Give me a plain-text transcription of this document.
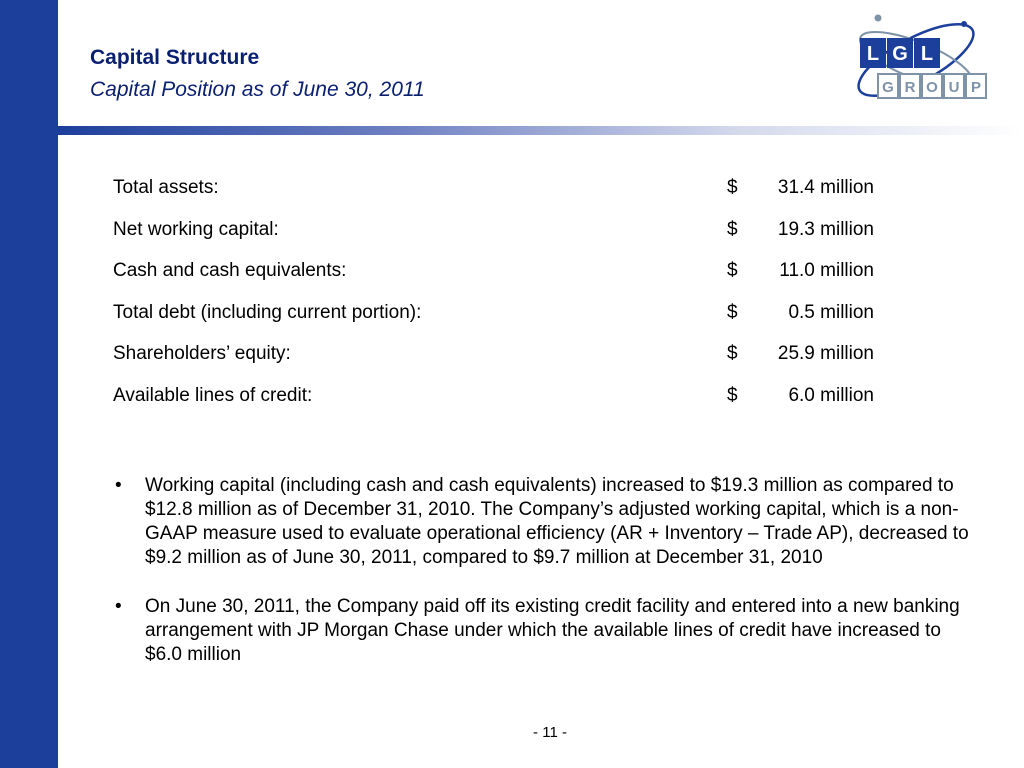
Capital Structure
Capital Position as of June 30, 2011
L
G R O U P
G L
Total assets:	$	31.4 million
Net working capital:	$	19.3 million
Cash and cash equivalents:	$	11.0 million
Total debt (including current portion):	$	0.5 million
Shareholders’ equity:	$	25.9 million
Available lines of credit:	$	6.0 million
• Working capital (including cash and cash equivalents) increased to $19.3 million as compared to $12.8 million as of December 31, 2010. The Company’s adjusted working capital, which is a non-GAAP measure used to evaluate operational efficiency (AR + Inventory – Trade AP), decreased to $9.2 million as of June 30, 2011, compared to $9.7 million at December 31, 2010
• On June 30, 2011, the Company paid off its existing credit facility and entered into a new banking arrangement with JP Morgan Chase under which the available lines of credit have increased to $6.0 million
- 11 -
